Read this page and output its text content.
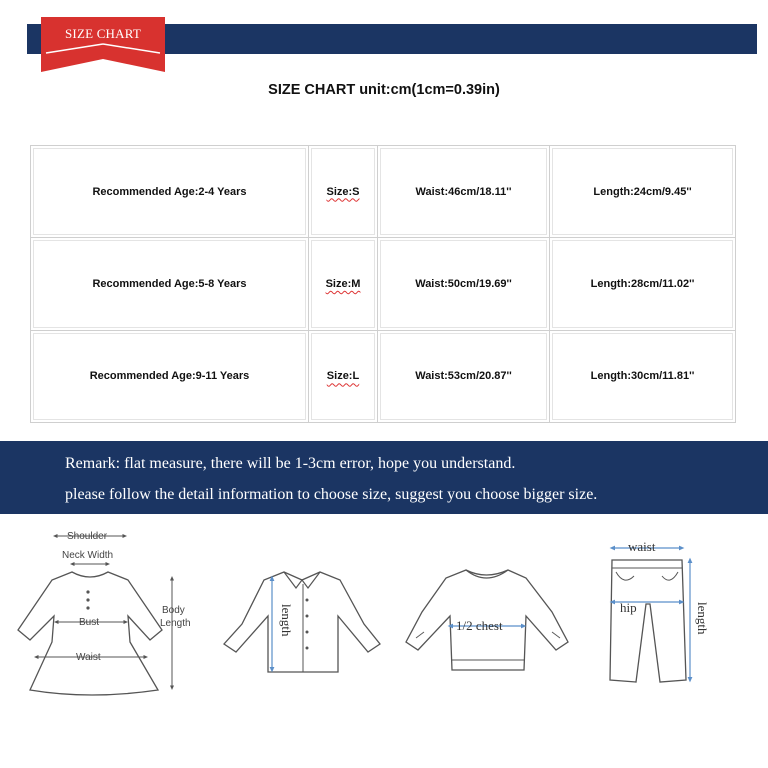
SIZE CHART
SIZE CHART unit:cm(1cm=0.39in)
Recommended Age:2-4 Years	Size:S	Waist:46cm/18.11''	Length:24cm/9.45''
Recommended Age:5-8 Years	Size:M	Waist:50cm/19.69''	Length:28cm/11.02''
Recommended Age:9-11 Years	Size:L	Waist:53cm/20.87''	Length:30cm/11.81''
Remark: flat measure, there will be 1-3cm error, hope you understand.
please follow the detail information to choose size, suggest you choose bigger size.
Shoulder
Neck Width
Bust
Waist
Body
Length	length	1/2 chest
waist
hip	length
